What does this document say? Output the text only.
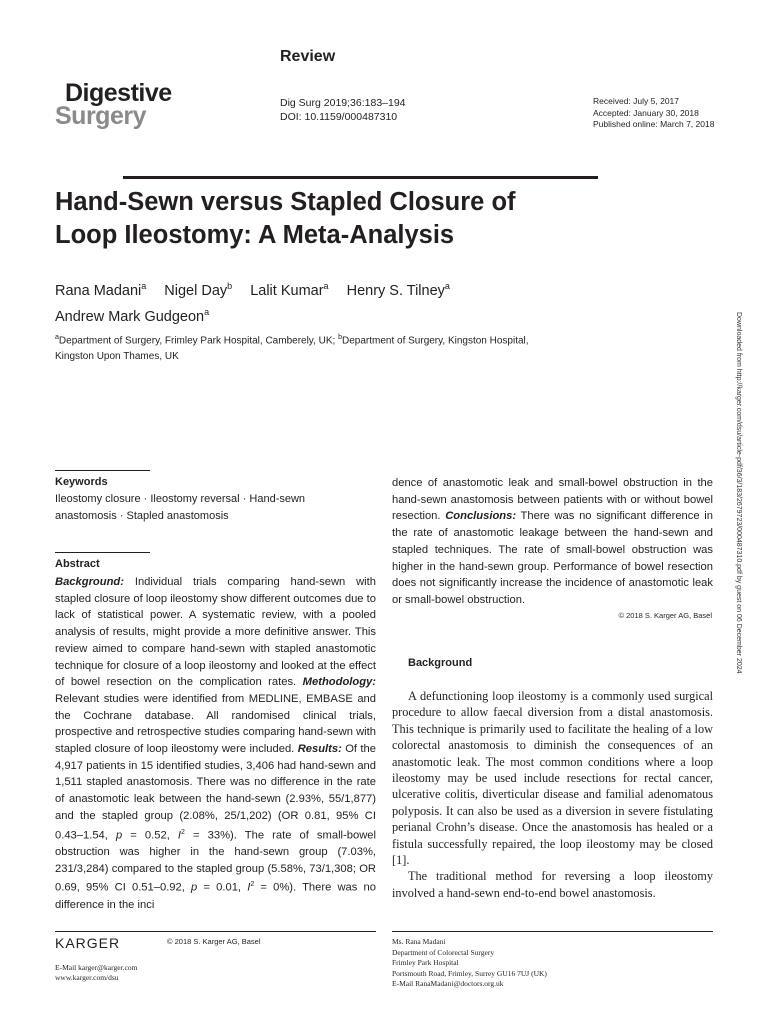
Review
Digestive
Surgery	Dig Surg 2019;36:183–194
DOI: 10.1159/000487310
Received: July 5, 2017
Accepted: January 30, 2018
Published online: March 7, 2018
Hand-Sewn versus Stapled Closure of
Loop Ileostomy: A Meta-Analysis
Rana Madani$^a$ Nigel Day$^b$ Lalit Kumar$^a$ Henry S. Tilney$^a$
Andrew Mark Gudgeon$^a$
$^a$Department of Surgery, Frimley Park Hospital, Camberely, UK; $^b$Department of Surgery, Kingston Hospital,
Kingston Upon Thames, UK	Downloaded from http://karger.com/dsu/article-pdf/36/3/183/2679723/000487310.pdf by guest on 06 December 2024
Keywords
Ileostomy closure · Ileostomy reversal · Hand-sewn anastomosis · Stapled anastomosis
Abstract
Background: Individual trials comparing hand-sewn with stapled closure of loop ileostomy show different outcomes due to lack of statistical power. A systematic review, with a pooled analysis of results, might provide a more definitive answer. This review aimed to compare hand-sewn with stapled anastomotic technique for closure of a loop ileostomy and looked at the effect of bowel resection on the complication rates. Methodology: Relevant studies were identified from MEDLINE, EMBASE and the Cochrane database. All randomised clinical trials, prospective and retrospective studies comparing hand-sewn with stapled closure of loop ileostomy were included. Results: Of the 4,917 patients in 15 identified studies, 3,406 had hand-sewn and 1,511 stapled anastomosis. There was no difference in the rate of anastomotic leak between the hand-sewn (2.93%, 55/1,877) and the stapled group (2.08%, 25/1,202) (OR 0.81, 95% CI 0.43–1.54, p = 0.52, $I^2 = 33\%$). The rate of small-bowel obstruction was higher in the hand-sewn group (7.03%, 231/3,284) compared to the stapled group (5.58%, 73/1,308; OR 0.69, 95% CI 0.51–0.92, p = 0.01, $I^2 = 0\%$). There was no difference in the inci
dence of anastomotic leak and small-bowel obstruction in the hand-sewn anastomosis between patients with or without bowel resection. Conclusions: There was no significant difference in the rate of anastomotic leakage between the hand-sewn and stapled techniques. The rate of small-bowel obstruction was higher in the hand-sewn group. Performance of bowel resection does not significantly increase the incidence of anastomotic leak or small-bowel obstruction.
© 2018 S. Karger AG, Basel
Background

A defunctioning loop ileostomy is a commonly used surgical procedure to allow faecal diversion from a distal anastomosis. This technique is primarily used to facilitate the healing of a low colorectal anastomosis to diminish the consequences of an anastomotic leak. The most common conditions where a loop ileostomy may be used include resections for rectal cancer, ulcerative colitis, diverticular disease and familial adenomatous polyposis. It can also be used as a diversion in severe fistulating perianal Crohn’s disease. Once the anastomosis has healed or a fistula successfully repaired, the loop ileostomy may be closed [1].

The traditional method for reversing a loop ileostomy involved a hand-sewn end-to-end bowel anastomosis.

KARGER	© 2018 S. Karger AG, Basel
E-Mail karger@karger.com
www.karger.com/dsu
Ms. Rana Madani
Department of Colorectal Surgery
Frimley Park Hospital
Portsmouth Road, Frimley, Surrey GU16 7UJ (UK)
E-Mail RanaMadani@doctors.org.uk
